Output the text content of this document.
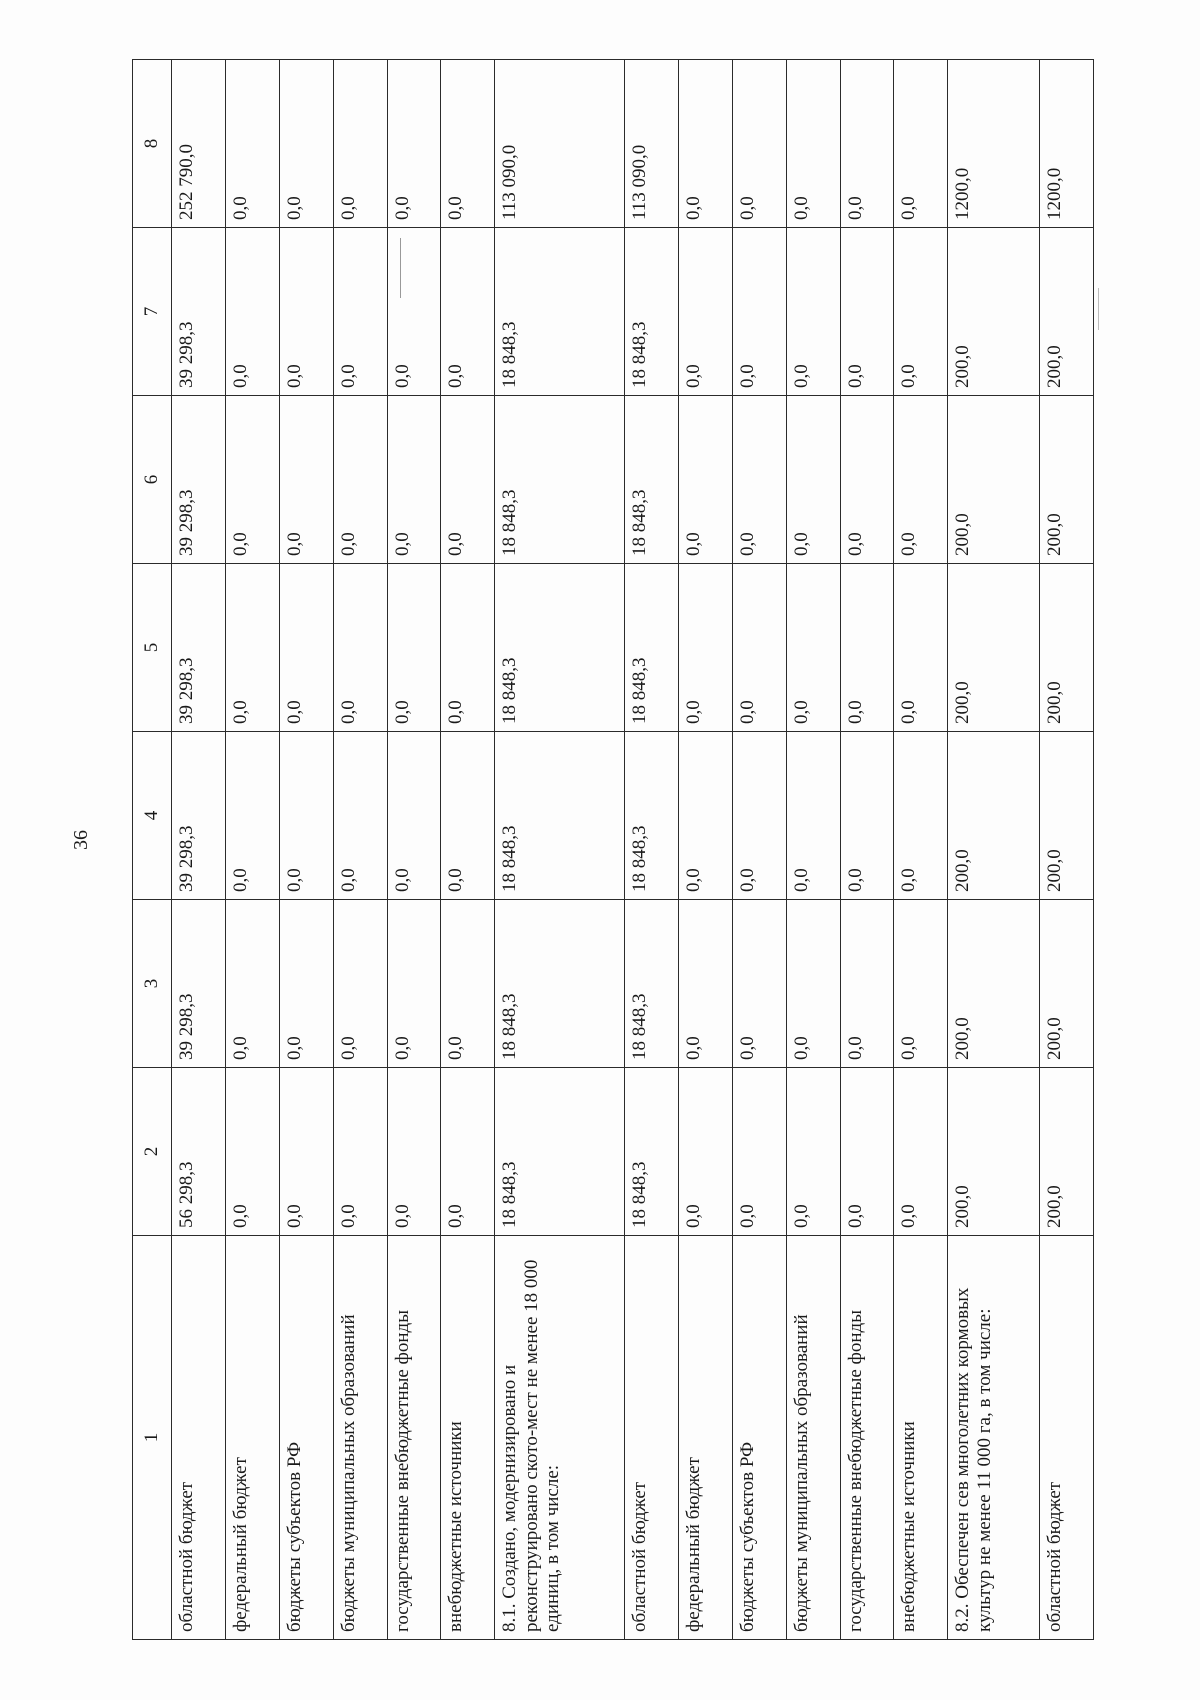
36
1	2	3	4	5	6	7	8
областной бюджет	56 298,3	39 298,3	39 298,3	39 298,3	39 298,3	39 298,3	252 790,0
федеральный бюджет	0,0	0,0	0,0	0,0	0,0	0,0	0,0
бюджеты субъектов РФ	0,0	0,0	0,0	0,0	0,0	0,0	0,0
бюджеты муниципальных образований	0,0	0,0	0,0	0,0	0,0	0,0	0,0
государственные внебюджетные фонды	0,0	0,0	0,0	0,0	0,0	0,0	0,0
внебюджетные источники	0,0	0,0	0,0	0,0	0,0	0,0	0,0
8.1. Создано, модернизировано и реконструировано ското-мест не менее 18 000 единиц, в том числе:	18 848,3	18 848,3	18 848,3	18 848,3	18 848,3	18 848,3	113 090,0
областной бюджет	18 848,3	18 848,3	18 848,3	18 848,3	18 848,3	18 848,3	113 090,0
федеральный бюджет	0,0	0,0	0,0	0,0	0,0	0,0	0,0
бюджеты субъектов РФ	0,0	0,0	0,0	0,0	0,0	0,0	0,0
бюджеты муниципальных образований	0,0	0,0	0,0	0,0	0,0	0,0	0,0
государственные внебюджетные фонды	0,0	0,0	0,0	0,0	0,0	0,0	0,0
внебюджетные источники	0,0	0,0	0,0	0,0	0,0	0,0	0,0
8.2. Обеспечен сев многолетних кормовых культур не менее 11 000 га, в том числе:	200,0	200,0	200,0	200,0	200,0	200,0	1200,0
областной бюджет	200,0	200,0	200,0	200,0	200,0	200,0	1200,0
